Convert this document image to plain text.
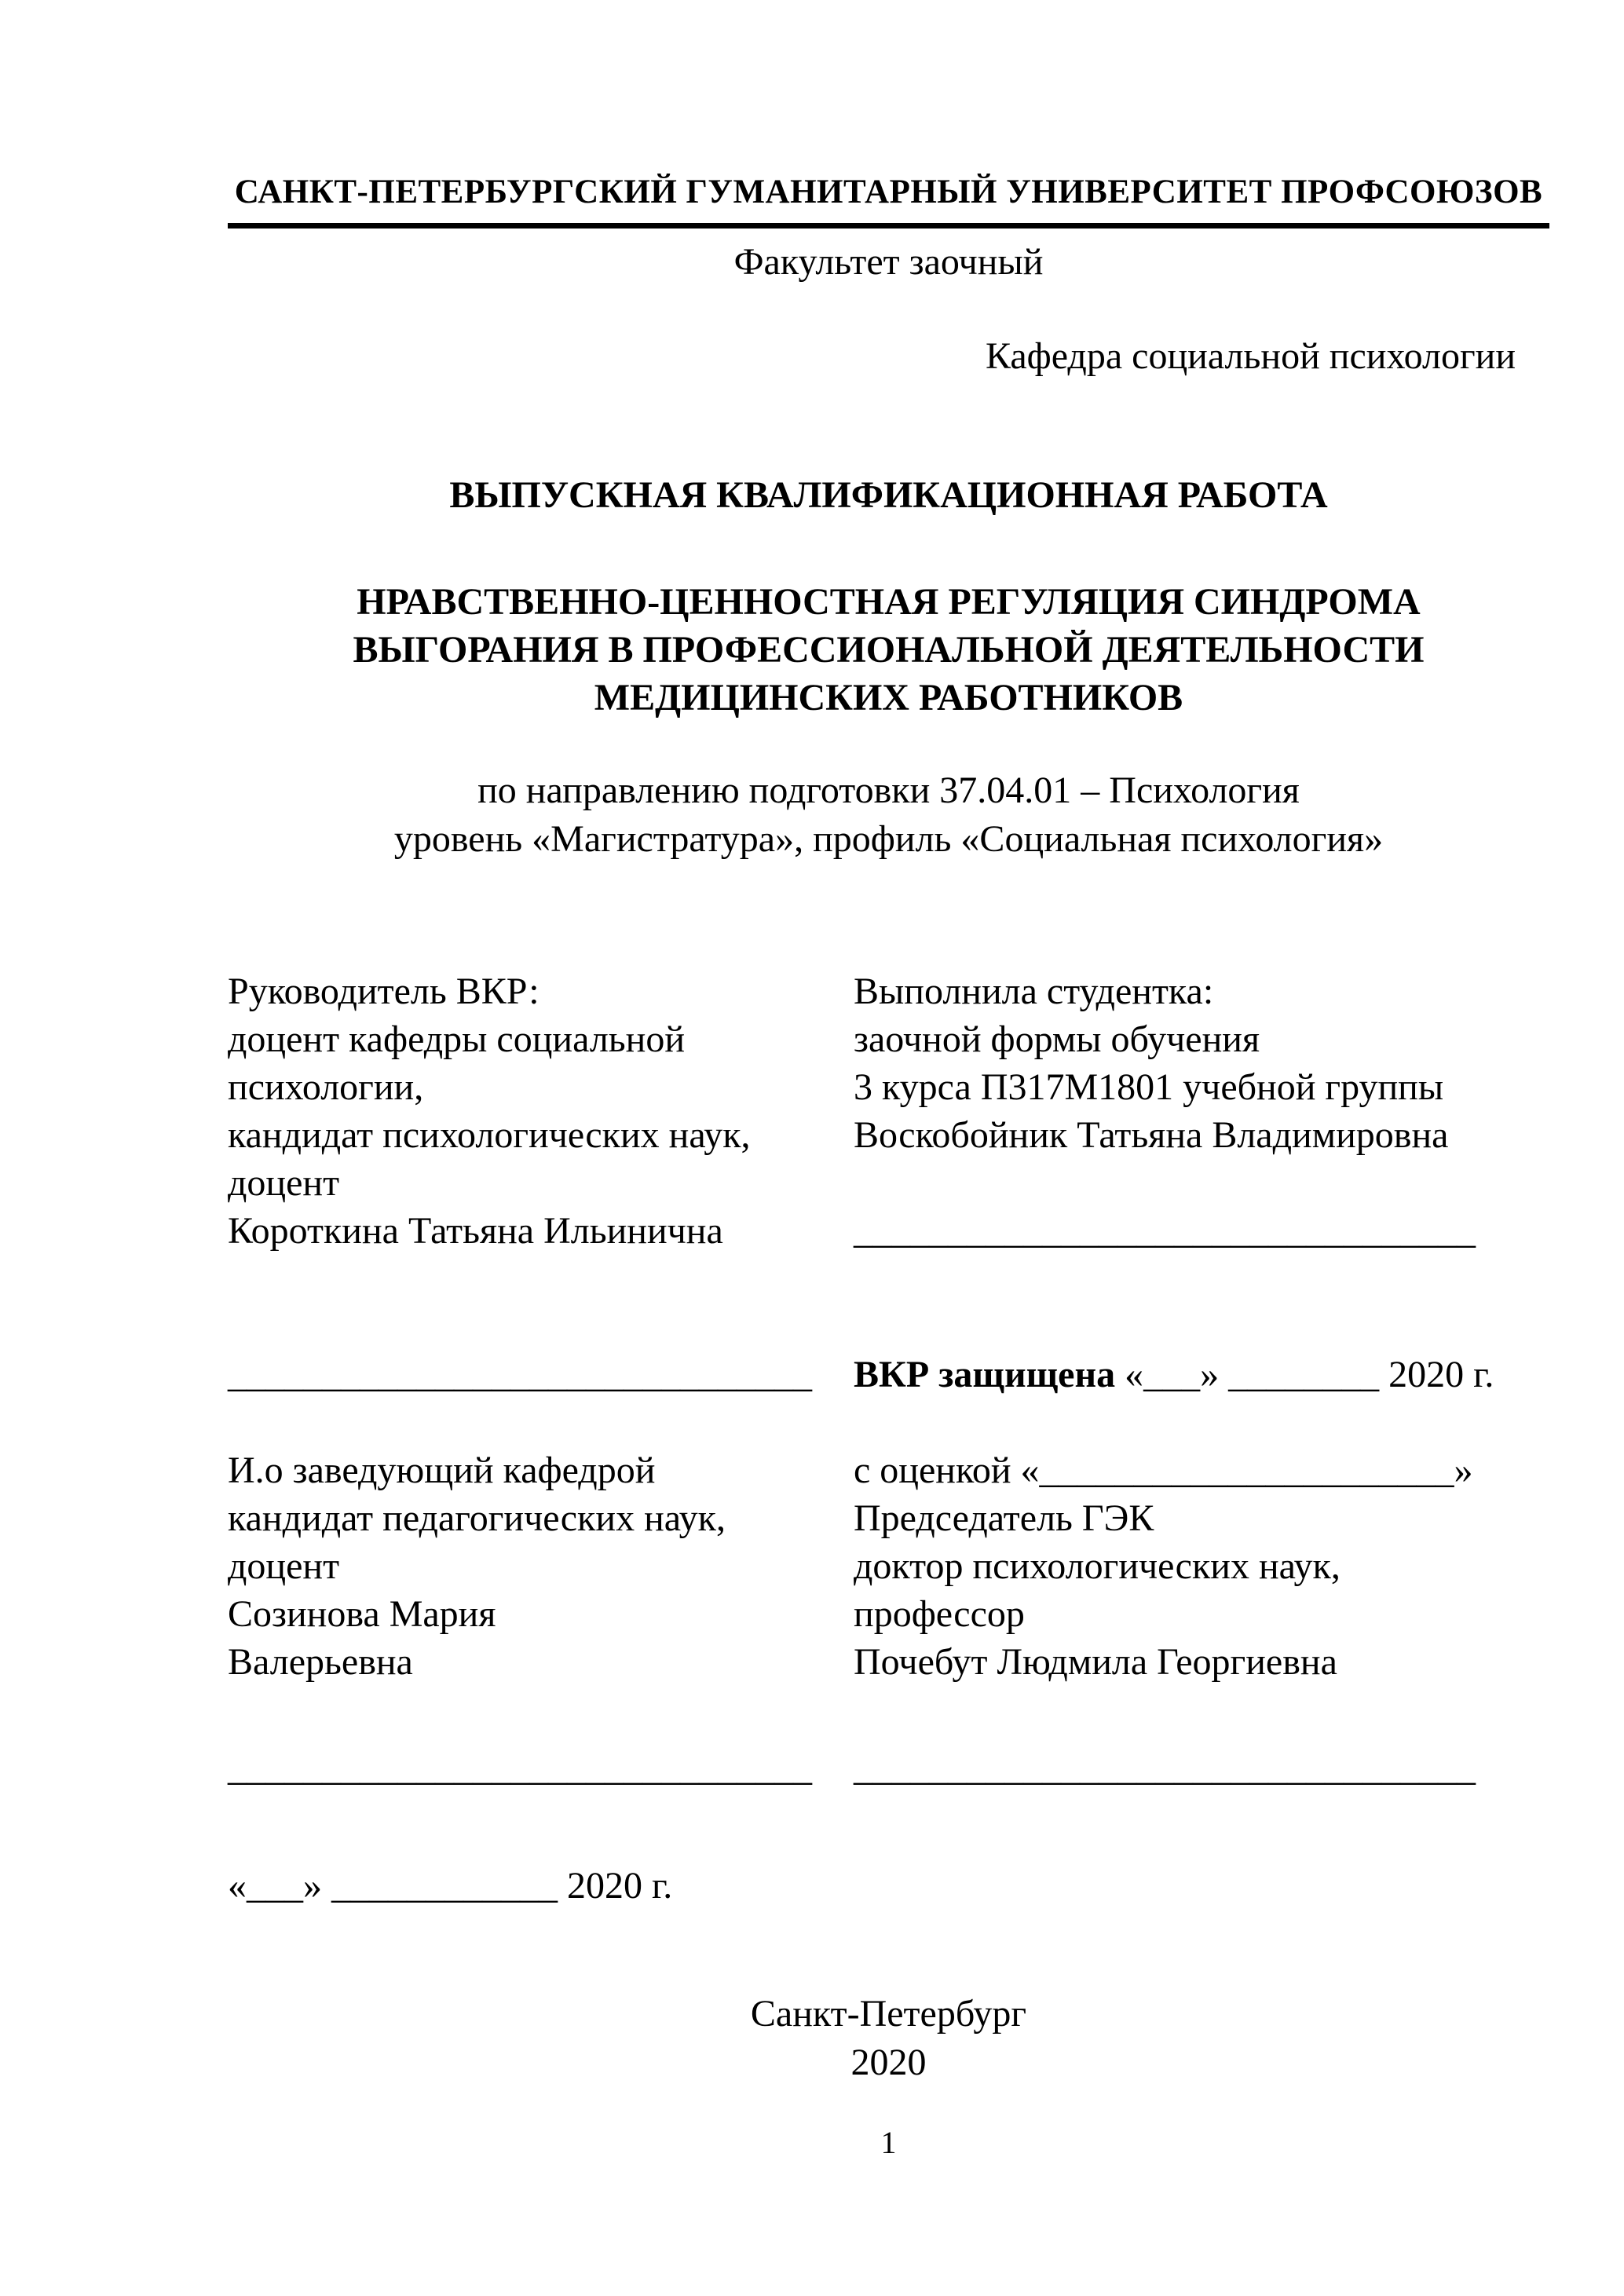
САНКТ-ПЕТЕРБУРГСКИЙ ГУМАНИТАРНЫЙ УНИВЕРСИТЕТ ПРОФСОЮЗОВ
Факультет заочный
Кафедра социальной психологии
ВЫПУСКНАЯ КВАЛИФИКАЦИОННАЯ РАБОТА
НРАВСТВЕННО-ЦЕННОСТНАЯ РЕГУЛЯЦИЯ СИНДРОМА
ВЫГОРАНИЯ В ПРОФЕССИОНАЛЬНОЙ ДЕЯТЕЛЬНОСТИ
МЕДИЦИНСКИХ РАБОТНИКОВ
по направлению подготовки 37.04.01 – Психология
уровень «Магистратура», профиль «Социальная психология»
Руководитель ВКР:
доцент кафедры социальной
психологии,
кандидат психологических наук,
доцент
Короткина Татьяна Ильинична
Выполнила студентка:
заочной формы обучения
3 курса П317М1801 учебной группы
Воскобойник Татьяна Владимировна
_________________________________
_______________________________	ВКР защищена «___» ________ 2020 г.
И.о заведующий кафедрой
кандидат педагогических наук,
доцент
Созинова Мария
Валерьевна
с оценкой «______________________»
Председатель ГЭК
доктор психологических наук,
профессор
Почебут Людмила Георгиевна
_______________________________	_________________________________
«___» ____________ 2020 г.
Санкт-Петербург
2020
1
